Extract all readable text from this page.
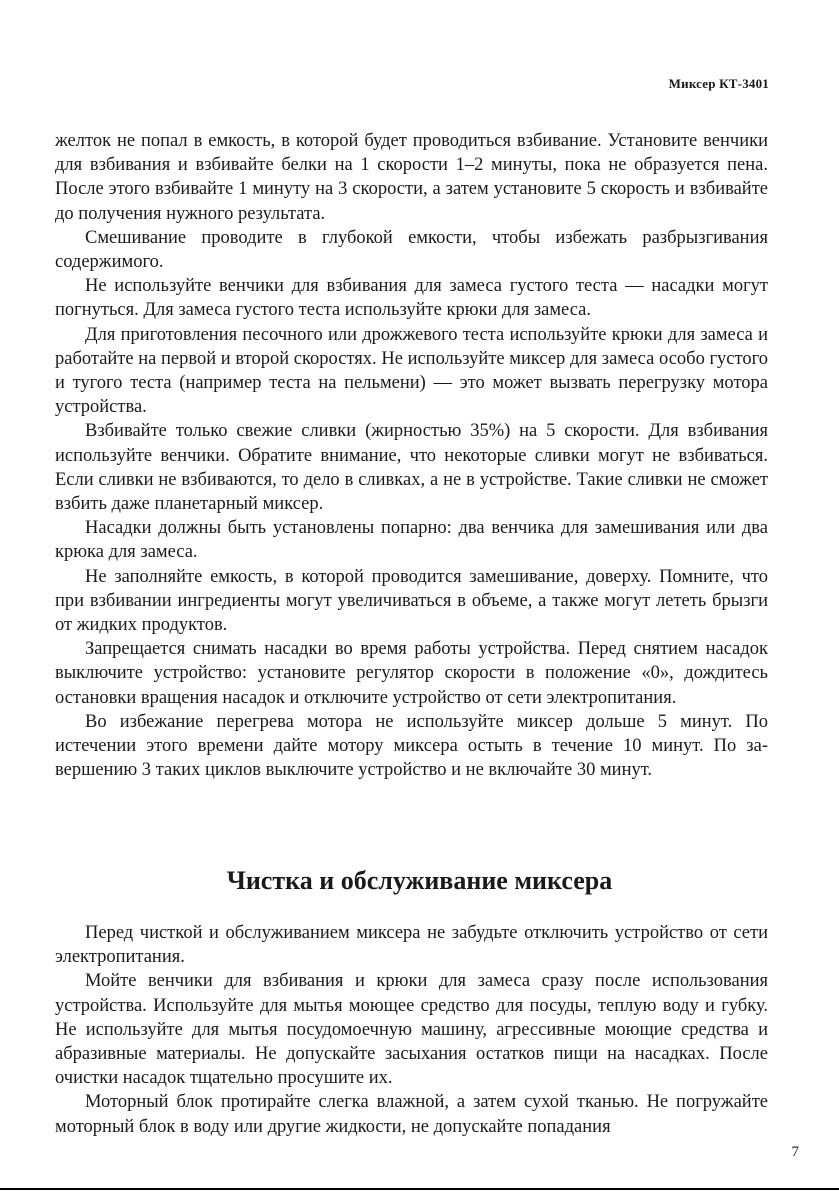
Миксер КТ-3401

желток не попал в емкость, в которой будет проводиться взбивание. Установите венчики для взбивания и взбивайте белки на 1 скорости 1–2 минуты, пока не образуется пена. После этого взбивайте 1 минуту на 3 скорости, а затем установите 5 скорость и взбивайте до получения нужного результата.

Смешивание проводите в глубокой емкости, чтобы избежать разбрызгивания содержимого.

Не используйте венчики для взбивания для замеса густого теста — насадки могут погнуться. Для замеса густого теста используйте крюки для замеса.

Для приготовления песочного или дрожжевого теста используйте крюки для замеса и работайте на первой и второй скоростях. Не используйте миксер для замеса особо густого и тугого теста (например теста на пельмени) — это может вызвать перегрузку мотора устройства.

Взбивайте только свежие сливки (жирностью 35%) на 5 скорости. Для взбивания используйте венчики. Обратите внимание, что некоторые сливки могут не взбиваться. Если сливки не взбиваются, то дело в сливках, а не в устройстве. Такие сливки не сможет взбить даже планетарный миксер.

Насадки должны быть установлены попарно: два венчика для замешивания или два крюка для замеса.

Не заполняйте емкость, в которой проводится замешивание, доверху. Помните, что при взбивании ингредиенты могут увеличиваться в объеме, а также могут лететь брызги от жидких продуктов.

Запрещается снимать насадки во время работы устройства. Перед снятием насадок выключите устройство: установите регулятор скорости в положение «0», дождитесь остановки вращения насадок и отключите устройство от сети электропитания.

Во избежание перегрева мотора не используйте миксер дольше 5 минут. По истечении этого времени дайте мотору миксера остыть в течение 10 минут. По завершению 3 таких циклов выключите устройство и не включайте 30 минут.

Чистка и обслуживание миксера

Перед чисткой и обслуживанием миксера не забудьте отключить устройство от сети электропитания.

Мойте венчики для взбивания и крюки для замеса сразу после использования устройства. Используйте для мытья моющее средство для посуды, теплую воду и губку. Не используйте для мытья посудомоечную машину, агрессивные моющие средства и абразивные материалы. Не допускайте засыхания остатков пищи на насадках. После очистки насадок тщательно просушите их.

Моторный блок протирайте слегка влажной, а затем сухой тканью. Не погружайте моторный блок в воду или другие жидкости, не допускайте попадания

7
